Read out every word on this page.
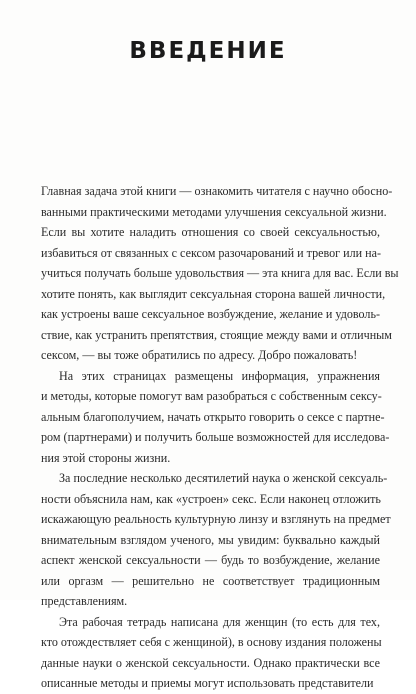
ВВЕДЕНИЕ
Главная задача этой книги — ознакомить читателя с научно обосно-
ванными практическими методами улучшения сексуальной жизни.
Если вы хотите наладить отношения со своей сексуальностью,
избавиться от связанных с сексом разочарований и тревог или на-
учиться получать больше удовольствия — эта книга для вас. Если вы
хотите понять, как выглядит сексуальная сторона вашей личности,
как устроены ваше сексуальное возбуждение, желание и удоволь-
ствие, как устранить препятствия, стоящие между вами и отличным
сексом, — вы тоже обратились по адресу. Добро пожаловать!
На этих страницах размещены информация, упражнения
и методы, которые помогут вам разобраться с собственным сексу-
альным благополучием, начать открыто говорить о сексе с партне-
ром (партнерами) и получить больше возможностей для исследова-
ния этой стороны жизни.
За последние несколько десятилетий наука о женской сексуаль-
ности объяснила нам, как «устроен» секс. Если наконец отложить
искажающую реальность культурную линзу и взглянуть на предмет
внимательным взглядом ученого, мы увидим: буквально каждый
аспект женской сексуальности — будь то возбуждение, желание
или оргазм — решительно не соответствует традиционным
представлениям.
Эта рабочая тетрадь написана для женщин (то есть для тех,
кто отождествляет себя с женщиной), в основу издания положены
данные науки о женской сексуальности. Однако практически все
описанные методы и приемы могут использовать представители
